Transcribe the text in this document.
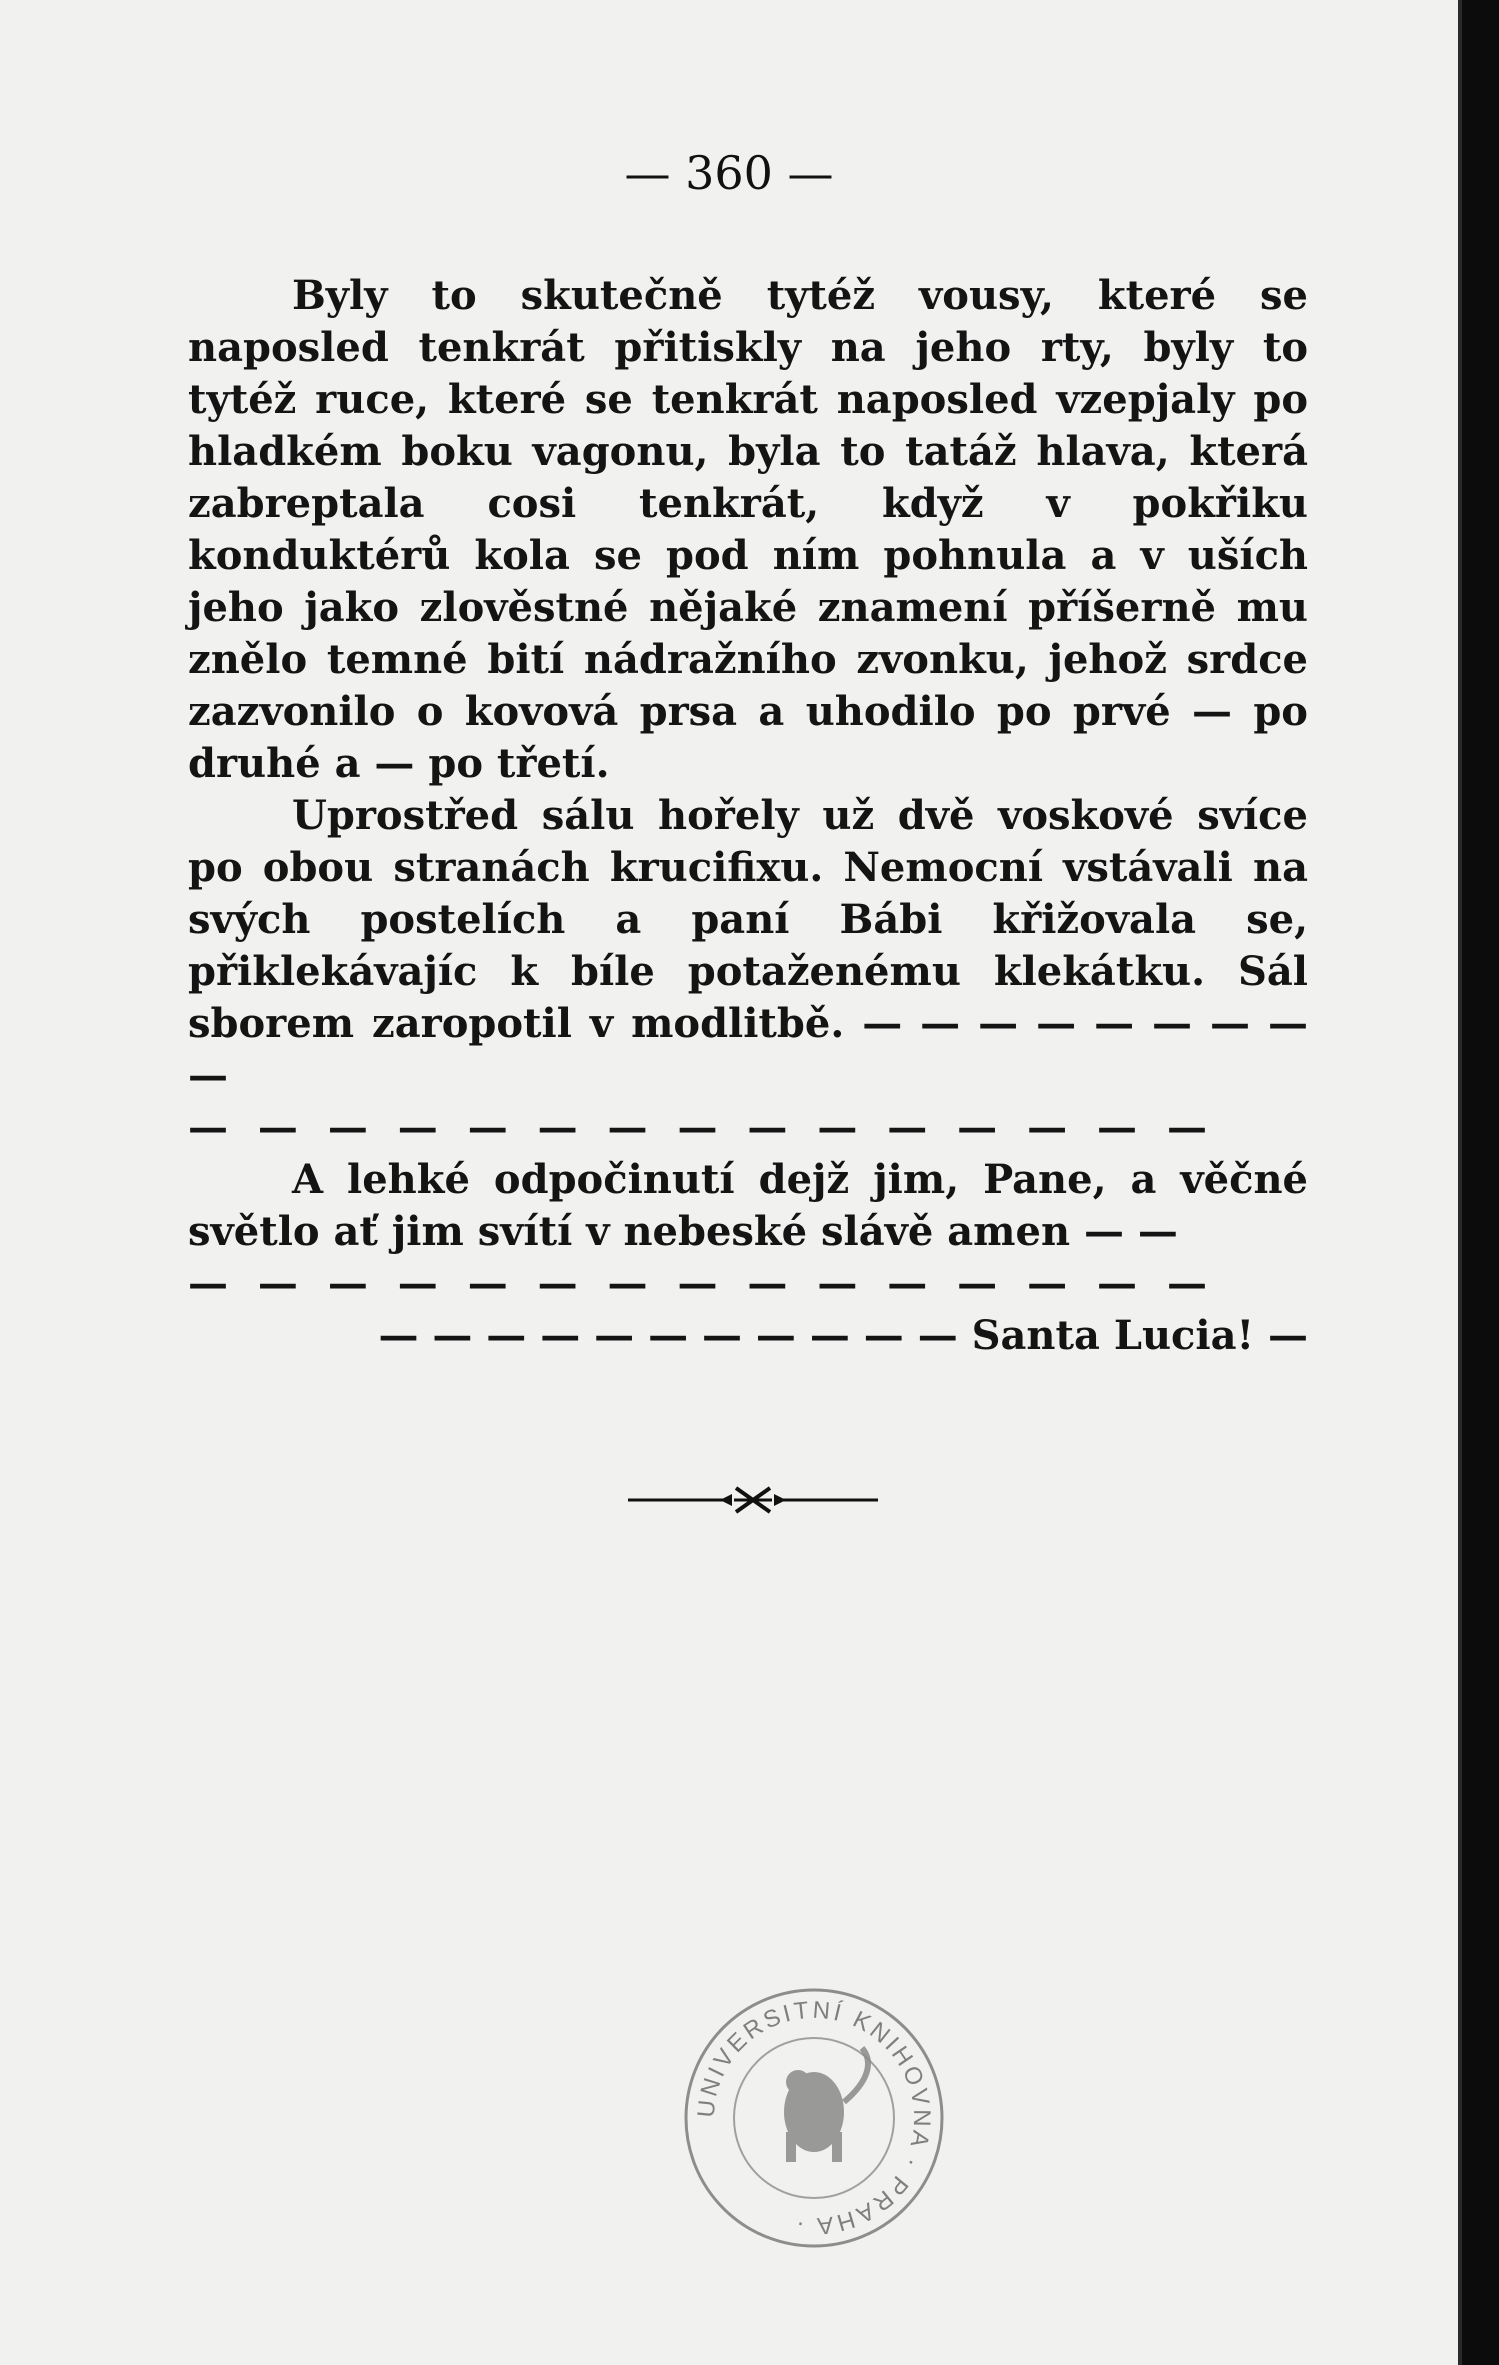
— 360 —

Byly to skutečně tytéž vousy, které se naposled tenkrát přitiskly na jeho rty, byly to tytéž ruce, které se tenkrát naposled vzepjaly po hladkém boku vagonu, byla to tatáž hlava, která zabreptala cosi tenkrát, když v pokřiku konduktérů kola se pod ním pohnula a v uších jeho jako zlověstné nějaké znamení příšerně mu znělo temné bití nádražního zvonku, jehož srdce zazvonilo o kovová prsa a uhodilo po prvé — po druhé a — po třetí.

Uprostřed sálu hořely už dvě voskové svíce po obou stranách krucifixu. Nemocní vstávali na svých postelích a paní Bábi křižovala se, přiklekávajíc k bíle potaženému klekátku. Sál sborem zaropotil v modlitbě. — — — — — — — — —

— — — — — — — — — — — — — — —

A lehké odpočinutí dejž jim, Pane, a věčné světlo ať jim svítí v nebeské slávě amen — —

— — — — — — — — — — — — — — —

— — — — — — — — — — — Santa Lucia! —

UNIVERSITNÍ KNIHOVNA · PRAHA ·
